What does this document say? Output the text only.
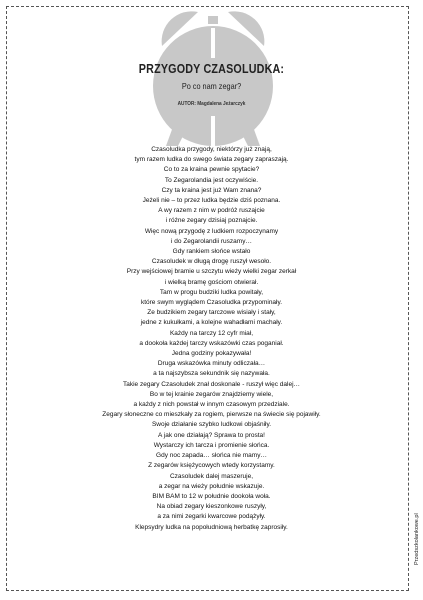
PRZYGODY CZASOLUDKA:
Po co nam zegar?
AUTOR: Magdalena Jeżarczyk
Czasoludka przygody, niektórzy już znają,
tym razem ludka do swego świata zegary zapraszają.
Co to za kraina pewnie spytacie?
To Zegarolandia jest oczywiście.
Czy ta kraina jest już Wam znana?
Jeżeli nie – to przez ludka będzie dziś poznana.
A wy razem z nim w podróż ruszajcie
i różne zegary dzisiaj poznajcie.
Więc nową przygodę z ludkiem rozpoczynamy
i do Zegarolandii ruszamy…
Gdy rankiem słońce wstało
Czasoludek w długą drogę ruszył wesoło.
Przy wejściowej bramie u szczytu wieży wielki zegar zerkał
i wielką bramę gościom otwierał.
Tam w progu budziki ludka powitały,
które swym wyglądem Czasoludka przypominały.
Ze budzikiem zegary tarczowe wisiały i stały,
jedne z kukułkami, a kolejne wahadłami machały.
Każdy na tarczy 12 cyfr miał,
a dookoła każdej tarczy wskazówki czas poganiał.
Jedna godziny pokazywała!
Druga wskazówka minuty odliczała…
a ta najszybsza sekundnik się nazywała.
Takie zegary Czasoludek znał doskonale - ruszył więc dalej…
Bo w tej krainie zegarów znajdziemy wiele,
a każdy z nich powstał w innym czasowym przedziale.
Zegary słoneczne co mieszkały za rogiem, pierwsze na świecie się pojawiły.
Swoje działanie szybko ludkowi objaśniły.
A jak one działają? Sprawa to prosta!
Wystarczy ich tarcza i promienie słońca.
Gdy noc zapada… słońca nie mamy…
Z zegarów księżycowych wtedy korzystamy.
Czasoludek dalej maszeruje,
a zegar na wieży południe wskazuje.
BIM BAM to 12 w południe dookoła woła.
Na obiad zegary kieszonkowe ruszyły,
a za nimi zegarki kwarcowe podążyły.
Klepsydry ludka na popołudniową herbatkę zaprosiły.	Przedszkolankowe.pl
